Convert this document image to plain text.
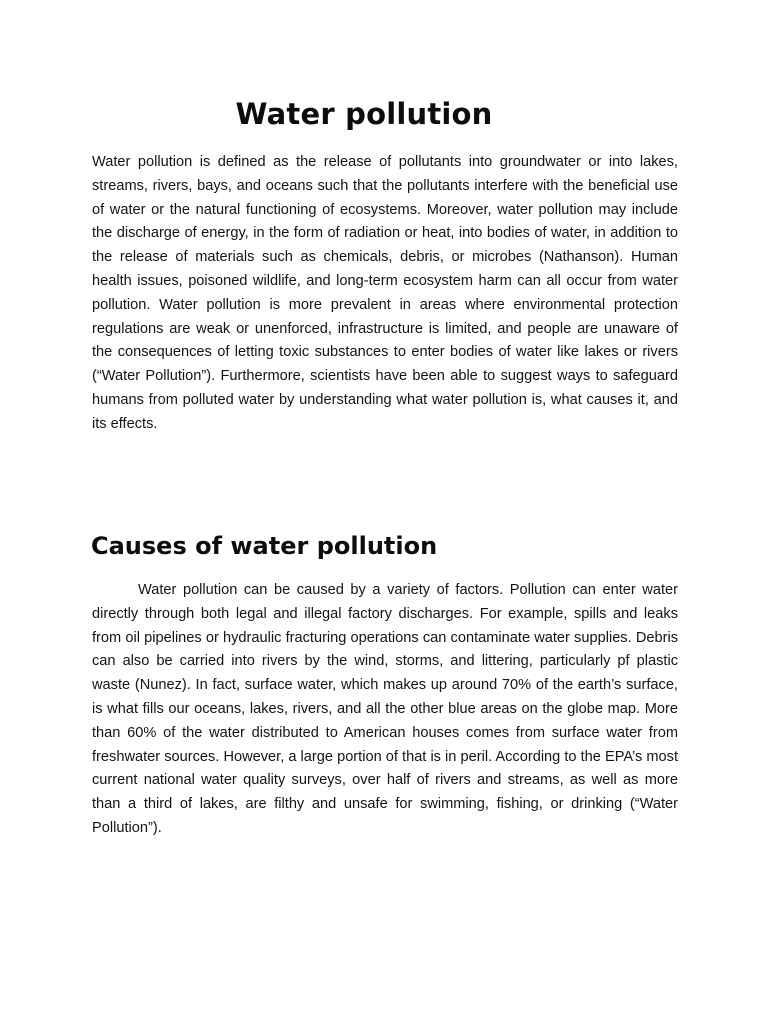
Water pollution

Water pollution is defined as the release of pollutants into groundwater or into lakes, streams, rivers, bays, and oceans such that the pollutants interfere with the beneficial use of water or the natural functioning of ecosystems. Moreover, water pollution may include the discharge of energy, in the form of radiation or heat, into bodies of water, in addition to the release of materials such as chemicals, debris, or microbes (Nathanson). Human health issues, poisoned wildlife, and long-term ecosystem harm can all occur from water pollution. Water pollution is more prevalent in areas where environmental protection regulations are weak or unenforced, infrastructure is limited, and people are unaware of the consequences of letting toxic substances to enter bodies of water like lakes or rivers (“Water Pollution”). Furthermore, scientists have been able to suggest ways to safeguard humans from polluted water by understanding what water pollution is, what causes it, and its effects.

Causes of water pollution

Water pollution can be caused by a variety of factors. Pollution can enter water directly through both legal and illegal factory discharges. For example, spills and leaks from oil pipelines or hydraulic fracturing operations can contaminate water supplies. Debris can also be carried into rivers by the wind, storms, and littering, particularly pf plastic waste (Nunez). In fact, surface water, which makes up around 70% of the earth’s surface, is what fills our oceans, lakes, rivers, and all the other blue areas on the globe map. More than 60% of the water distributed to American houses comes from surface water from freshwater sources. However, a large portion of that is in peril. According to the EPA’s most current national water quality surveys, over half of rivers and streams, as well as more than a third of lakes, are filthy and unsafe for swimming, fishing, or drinking (“Water Pollution”).
